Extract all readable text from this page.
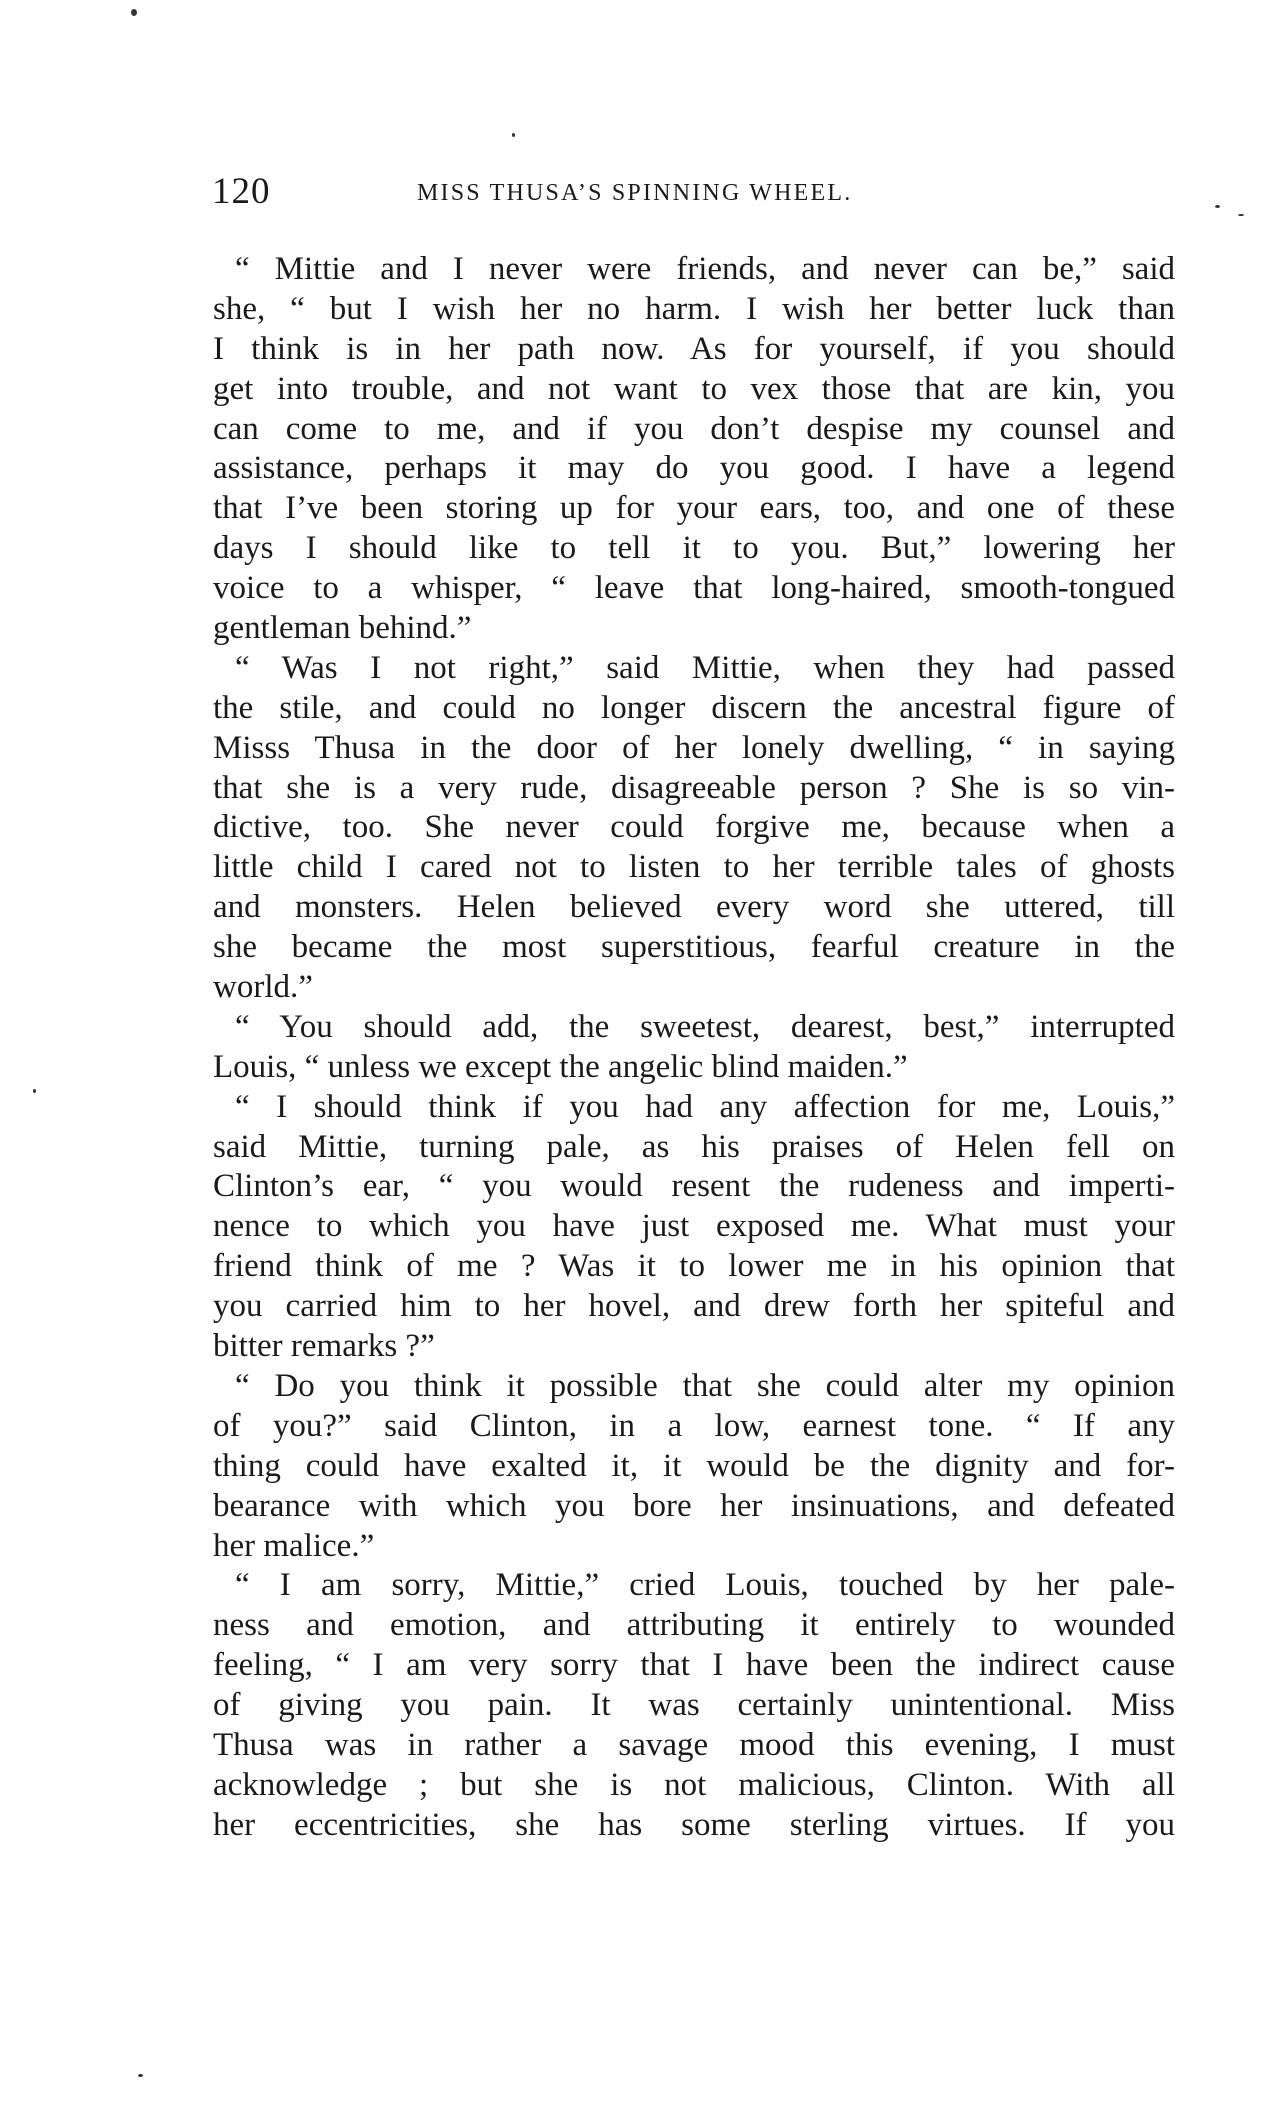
120	MISS THUSA’S SPINNING WHEEL.
“ Mittie and I never were friends, and never can be,” said
she, “ but I wish her no harm. I wish her better luck than
I think is in her path now. As for yourself, if you should
get into trouble, and not want to vex those that are kin, you
can come to me, and if you don’t despise my counsel and
assistance, perhaps it may do you good. I have a legend
that I’ve been storing up for your ears, too, and one of these
days I should like to tell it to you. But,” lowering her
voice to a whisper, “ leave that long-haired, smooth-tongued
gentleman behind.”
“ Was I not right,” said Mittie, when they had passed
the stile, and could no longer discern the ancestral figure of
Misss Thusa in the door of her lonely dwelling, “ in saying
that she is a very rude, disagreeable person ? She is so vin-
dictive, too. She never could forgive me, because when a
little child I cared not to listen to her terrible tales of ghosts
and monsters. Helen believed every word she uttered, till
she became the most superstitious, fearful creature in the
world.”
“ You should add, the sweetest, dearest, best,” interrupted
Louis, “ unless we except the angelic blind maiden.”
“ I should think if you had any affection for me, Louis,”
said Mittie, turning pale, as his praises of Helen fell on
Clinton’s ear, “ you would resent the rudeness and imperti-
nence to which you have just exposed me. What must your
friend think of me ? Was it to lower me in his opinion that
you carried him to her hovel, and drew forth her spiteful and
bitter remarks ?”
“ Do you think it possible that she could alter my opinion
of you?” said Clinton, in a low, earnest tone. “ If any
thing could have exalted it, it would be the dignity and for-
bearance with which you bore her insinuations, and defeated
her malice.”
“ I am sorry, Mittie,” cried Louis, touched by her pale-
ness and emotion, and attributing it entirely to wounded
feeling, “ I am very sorry that I have been the indirect cause
of giving you pain. It was certainly unintentional. Miss
Thusa was in rather a savage mood this evening, I must
acknowledge ; but she is not malicious, Clinton. With all
her eccentricities, she has some sterling virtues. If you
